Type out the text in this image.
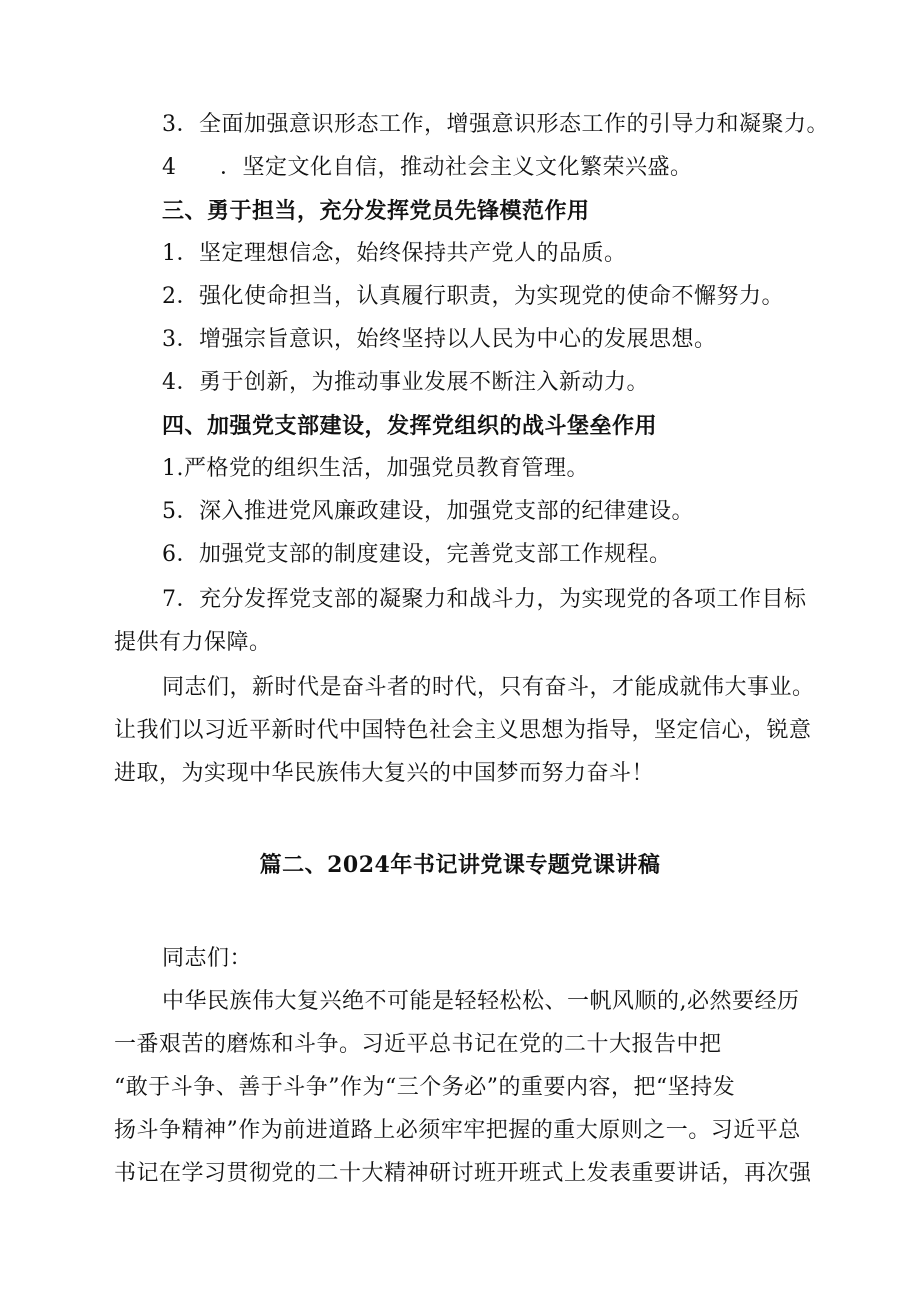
3．全面加强意识形态工作，增强意识形态工作的引导力和凝聚力。
4 ．坚定文化自信，推动社会主义文化繁荣兴盛。
三、勇于担当，充分发挥党员先锋模范作用
1．坚定理想信念，始终保持共产党人的品质。
2．强化使命担当，认真履行职责，为实现党的使命不懈努力。
3．增强宗旨意识，始终坚持以人民为中心的发展思想。
4．勇于创新，为推动事业发展不断注入新动力。
四、加强党支部建设，发挥党组织的战斗堡垒作用
1.严格党的组织生活，加强党员教育管理。
5．深入推进党风廉政建设，加强党支部的纪律建设。
6．加强党支部的制度建设，完善党支部工作规程。
7．充分发挥党支部的凝聚力和战斗力，为实现党的各项工作目标
提供有力保障。
同志们，新时代是奋斗者的时代，只有奋斗，才能成就伟大事业。
让我们以习近平新时代中国特色社会主义思想为指导，坚定信心，锐意
进取，为实现中华民族伟大复兴的中国梦而努力奋斗！
篇二、2024年书记讲党课专题党课讲稿
同志们：
中华民族伟大复兴绝不可能是轻轻松松、一帆风顺的,必然要经历
一番艰苦的磨炼和斗争。习近平总书记在党的二十大报告中把
“敢于斗争、善于斗争”作为“三个务必”的重要内容，把“坚持发
扬斗争精神”作为前进道路上必须牢牢把握的重大原则之一。习近平总
书记在学习贯彻党的二十大精神研讨班开班式上发表重要讲话，再次强
